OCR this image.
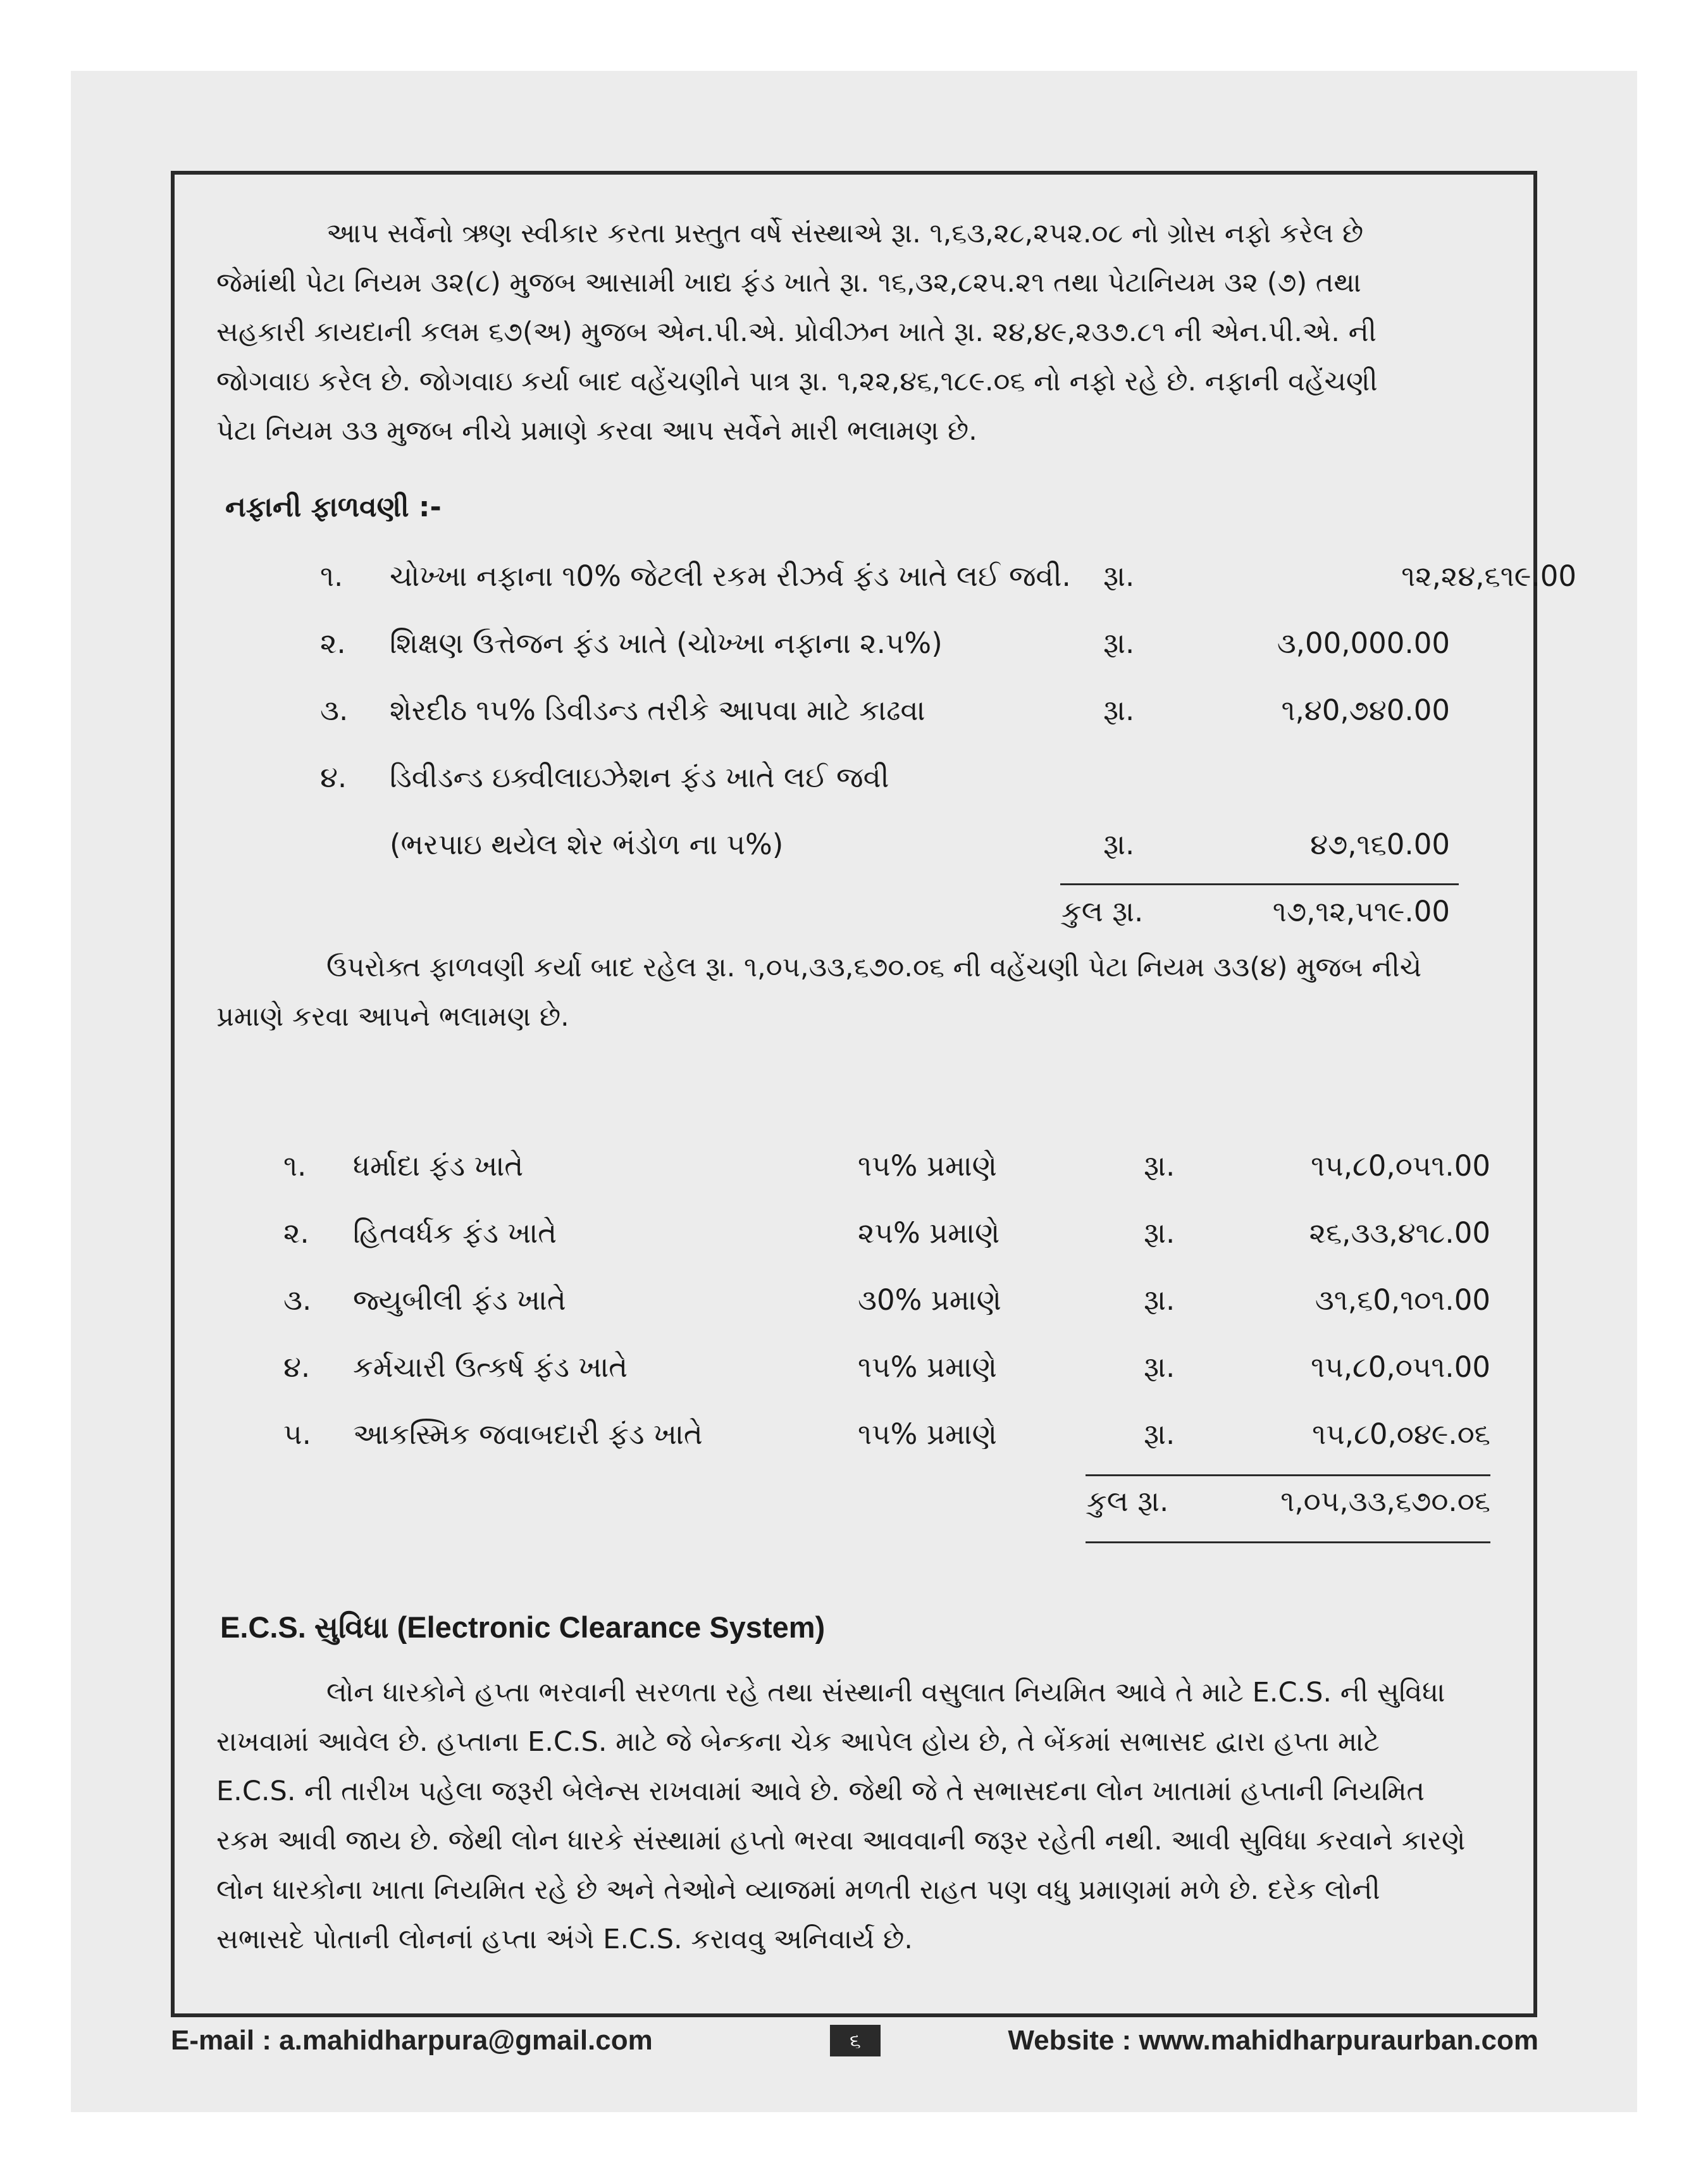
આપ સર્વેનો ઋણ સ્વીકાર કરતા પ્રસ્તુત વર્ષે સંસ્થાએ રૂા. ૧,૬૩,૨૮,૨૫૨.૦૮ નો ગ્રોસ નફો કરેલ છે
જેમાંથી પેટા નિયમ ૩૨(૮) મુજબ આસામી ખાદ્ય ફંડ ખાતે રૂા. ૧૬,૩૨,૮૨૫.૨૧ તથા પેટાનિયમ ૩૨ (૭) તથા
સહકારી કાયદાની કલમ ૬૭(અ) મુજબ એન.પી.એ. પ્રોવીઝન ખાતે રૂા. ૨૪,૪૯,૨૩૭.૮૧ ની એન.પી.એ. ની
જોગવાઇ કરેલ છે. જોગવાઇ કર્યા બાદ વહેંચણીને પાત્ર રૂા. ૧,૨૨,૪૬,૧૮૯.૦૬ નો નફો રહે છે. નફાની વહેંચણી
પેટા નિયમ ૩૩ મુજબ નીચે પ્રમાણે કરવા આપ સર્વેને મારી ભલામણ છે.
નફાની ફાળવણી :-
૧. ચોખ્ખા નફાના ૧0% જેટલી રકમ રીઝર્વ ફંડ ખાતે લઈ જવી. રૂા.	૧૨,૨૪,૬૧૯.00
૨. શિક્ષણ ઉત્તેજન ફંડ ખાતે (ચોખ્ખા નફાના ૨.૫%)	રૂા.	૩,00,000.00
૩. શેરદીઠ ૧૫% ડિવીડન્ડ તરીકે આપવા માટે કાઢવા	રૂા.	૧,૪0,૭૪0.00
૪. ડિવીડન્ડ ઇક્વીલાઇઝેશન ફંડ ખાતે લઈ જવી
(ભરપાઇ થયેલ શેર ભંડોળ ના ૫%)	રૂા.	૪૭,૧૬0.00
કુલ રૂા.	૧૭,૧૨,૫૧૯.00
ઉપરોક્ત ફાળવણી કર્યા બાદ રહેલ રૂા. ૧,૦૫,૩૩,૬૭૦.૦૬ ની વહેંચણી પેટા નિયમ ૩૩(૪) મુજબ નીચે
પ્રમાણે કરવા આપને ભલામણ છે.
૧. ધર્માદા ફંડ ખાતે	૧૫% પ્રમાણે	રૂા.	૧૫,૮0,૦૫૧.00
૨. હિતવર્ધક ફંડ ખાતે	૨૫% પ્રમાણે	રૂા.	૨૬,૩૩,૪૧૮.00
૩. જ્યુબીલી ફંડ ખાતે	૩0% પ્રમાણે	રૂા.	૩૧,૬0,૧૦૧.00
૪. કર્મચારી ઉત્કર્ષ ફંડ ખાતે	૧૫% પ્રમાણે	રૂા.	૧૫,૮0,૦૫૧.00
૫. આકસ્મિક જવાબદારી ફંડ ખાતે	૧૫% પ્રમાણે	રૂા.	૧૫,૮0,૦૪૯.૦૬
કુલ રૂા.	૧,૦૫,૩૩,૬૭૦.૦૬
E.C.S. સુવિધા (Electronic Clearance System)
લોન ધારકોને હપ્તા ભરવાની સરળતા રહે તથા સંસ્થાની વસુલાત નિયમિત આવે તે માટે E.C.S. ની સુવિધા
રાખવામાં આવેલ છે. હપ્તાના E.C.S. માટે જે બેન્કના ચેક આપેલ હોય છે, તે બેંકમાં સભાસદ દ્વારા હપ્તા માટે
E.C.S. ની તારીખ પહેલા જરૂરી બેલેન્સ રાખવામાં આવે છે. જેથી જે તે સભાસદના લોન ખાતામાં હપ્તાની નિયમિત
રકમ આવી જાય છે. જેથી લોન ધારકે સંસ્થામાં હપ્તો ભરવા આવવાની જરૂર રહેતી નથી. આવી સુવિધા કરવાને કારણે
લોન ધારકોના ખાતા નિયમિત રહે છે અને તેઓને વ્યાજમાં મળતી રાહત પણ વધુ પ્રમાણમાં મળે છે. દરેક લોની
સભાસદે પોતાની લોનનાં હપ્તા અંગે E.C.S. કરાવવુ અનિવાર્ય છે.
E-mail : a.mahidharpura@gmail.com	૬	Website : www.mahidharpuraurban.com
